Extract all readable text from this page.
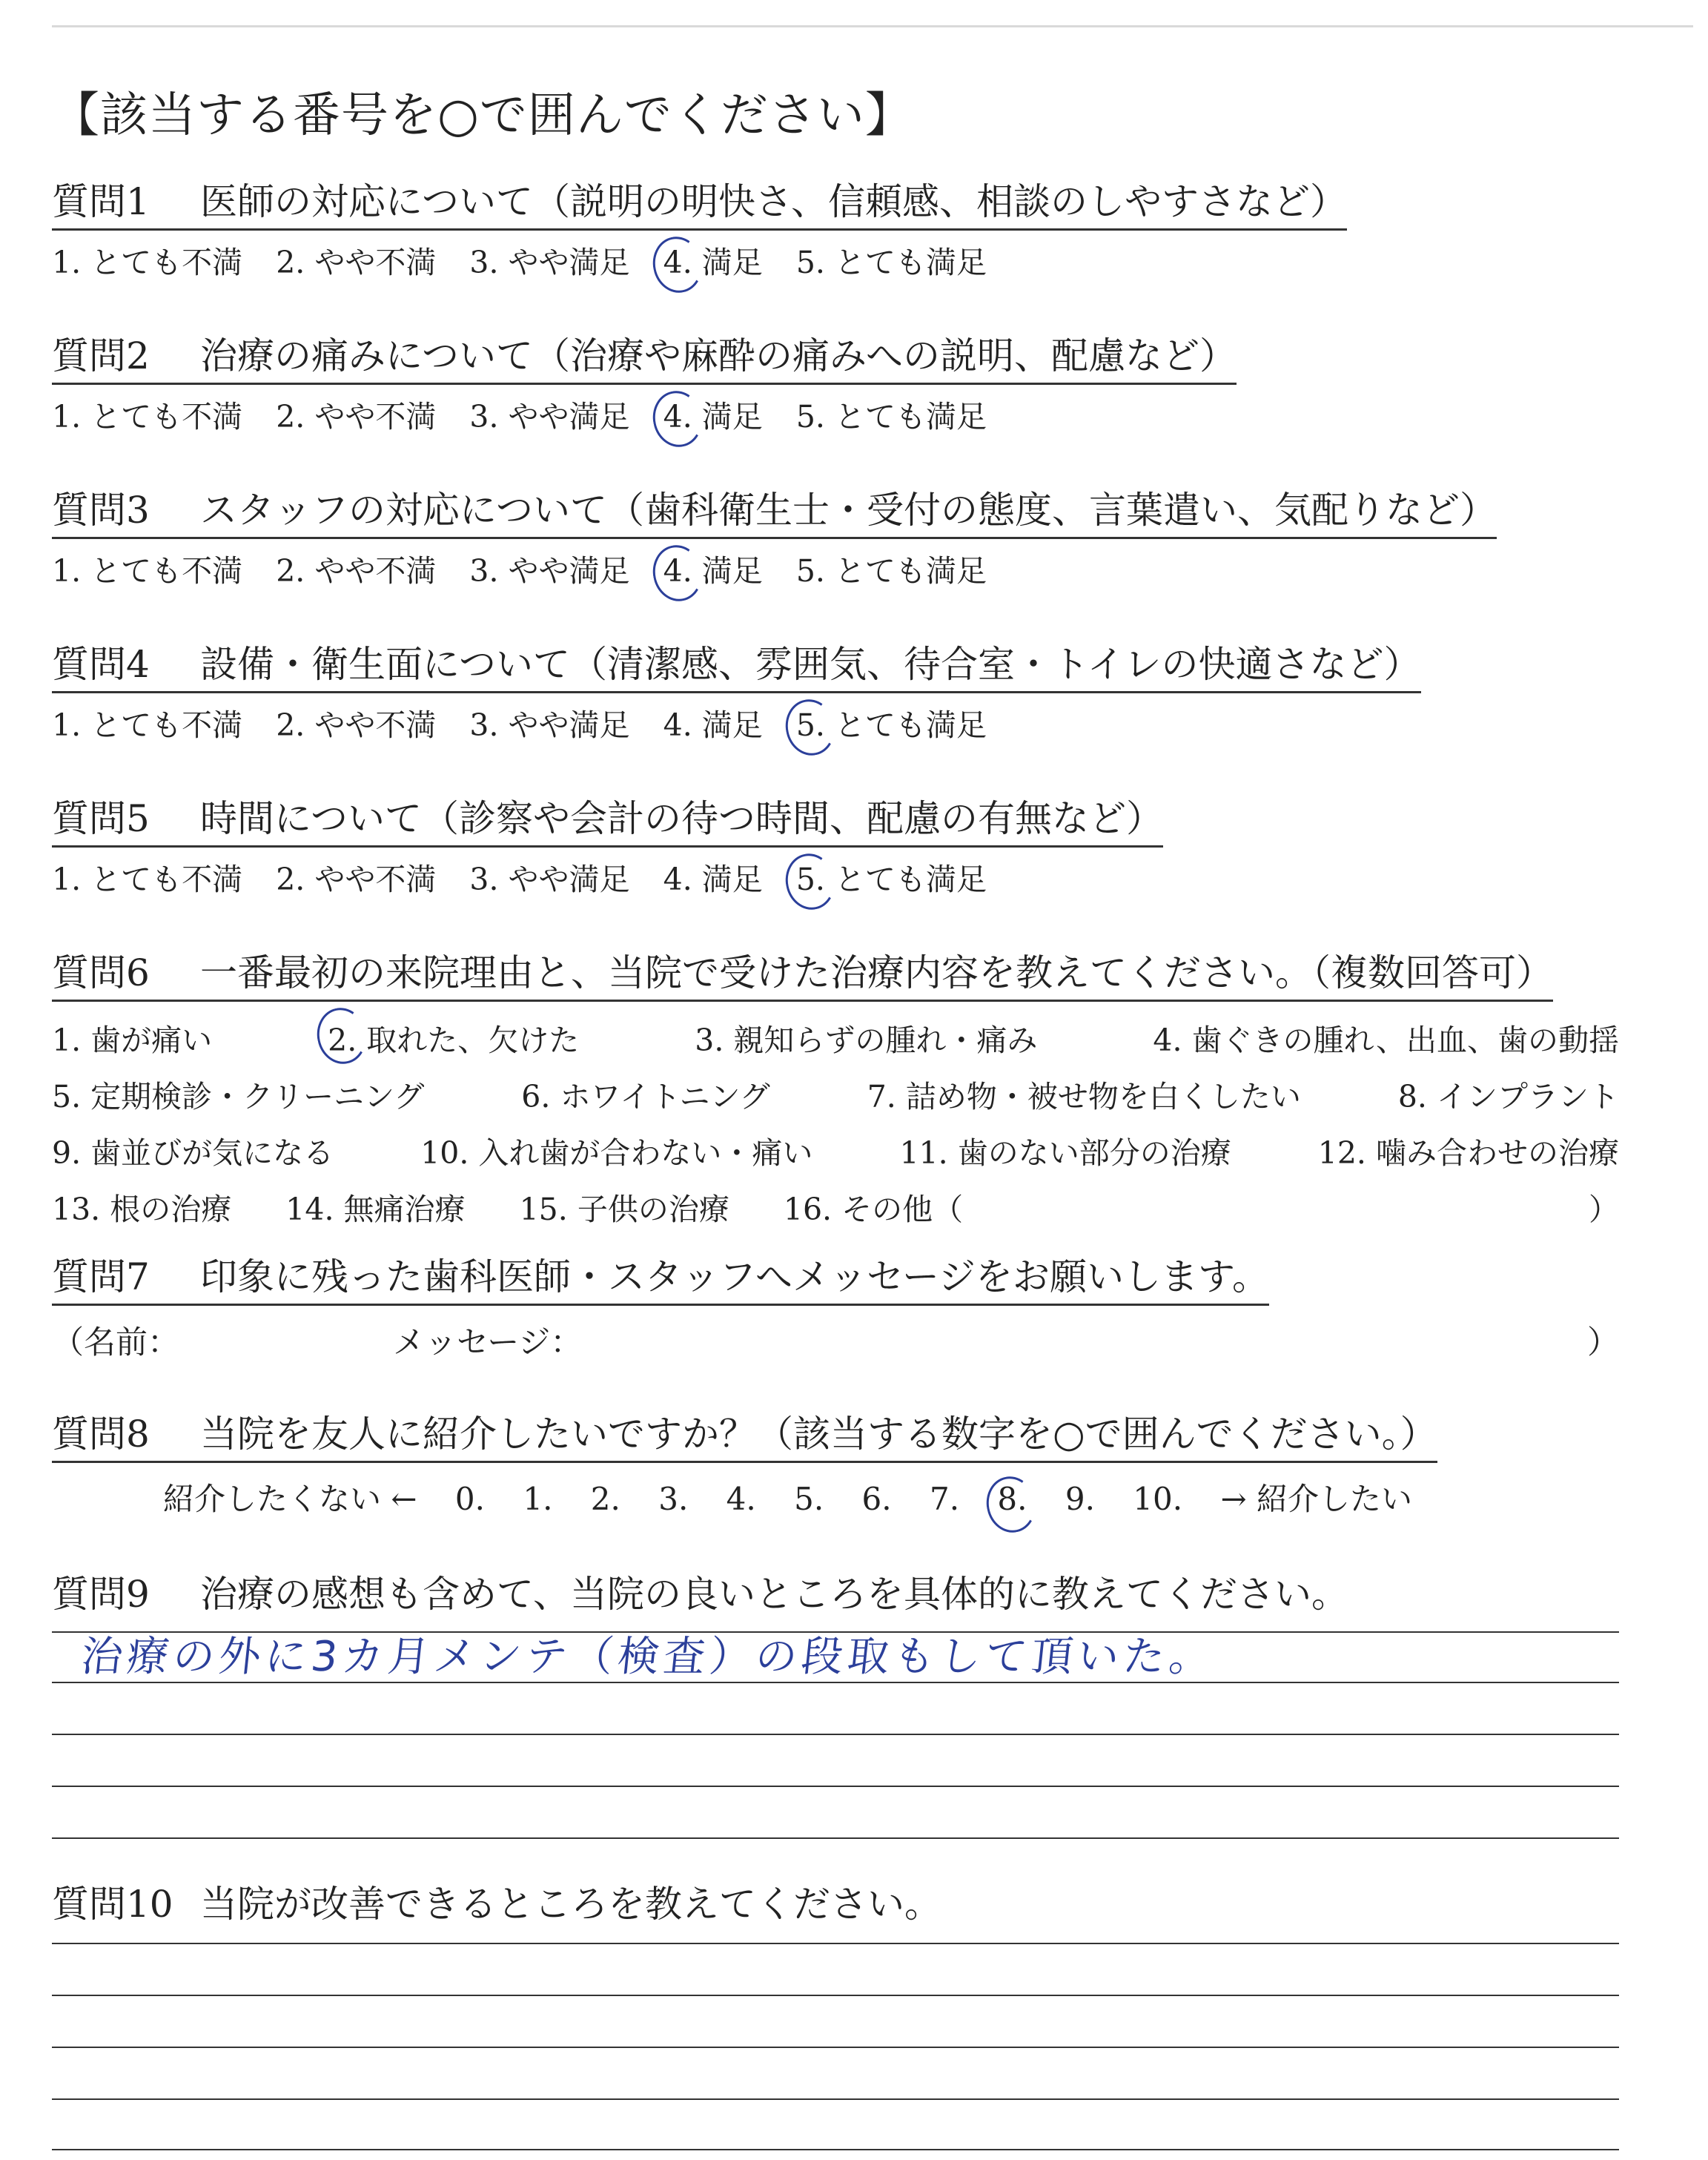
【該当する番号を○で囲んでください】
質問1 医師の対応について（説明の明快さ、信頼感、相談のしやすさなど）
1. とても不満 2. やや不満 3. やや満足 4. 満足 5. とても満足
質問2 治療の痛みについて（治療や麻酔の痛みへの説明、配慮など）
1. とても不満 2. やや不満 3. やや満足 4. 満足 5. とても満足
質問3 スタッフの対応について（歯科衛生士・受付の態度、言葉遣い、気配りなど）
1. とても不満 2. やや不満 3. やや満足 4. 満足 5. とても満足
質問4 設備・衛生面について（清潔感、雰囲気、待合室・トイレの快適さなど）
1. とても不満 2. やや不満 3. やや満足 4. 満足 5. とても満足
質問5 時間について（診察や会計の待つ時間、配慮の有無など）
1. とても不満 2. やや不満 3. やや満足 4. 満足 5. とても満足
質問6 一番最初の来院理由と、当院で受けた治療内容を教えてください。（複数回答可）
1. 歯が痛い	2. 取れた、欠けた	3. 親知らずの腫れ・痛み	4. 歯ぐきの腫れ、出血、歯の動揺
5. 定期検診・クリーニング	6. ホワイトニング	7. 詰め物・被せ物を白くしたい	8. インプラント
9. 歯並びが気になる	10. 入れ歯が合わない・痛い	11. 歯のない部分の治療	12. 噛み合わせの治療
13. 根の治療 14. 無痛治療 15. 子供の治療 16. その他（	）
質問7 印象に残った歯科医師・スタッフへメッセージをお願いします。
（名前：	メッセージ：	）
質問8 当院を友人に紹介したいですか？（該当する数字を○で囲んでください。）
紹介したくない ← 0. 1. 2. 3. 4. 5. 6. 7. 8. 9. 10. → 紹介したい
質問9 治療の感想も含めて、当院の良いところを具体的に教えてください。
治療の外に3カ月メンテ（検査）の段取もして頂いた。
質問10 当院が改善できるところを教えてください。
